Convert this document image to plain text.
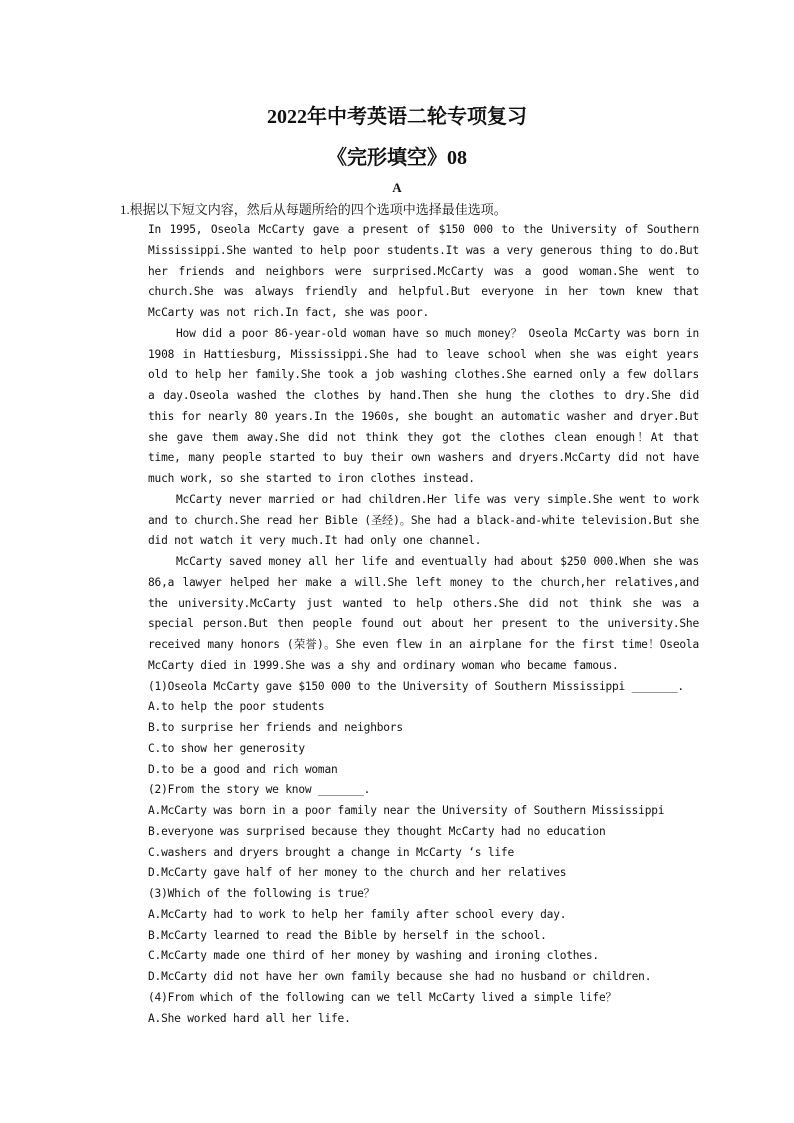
2022年中考英语二轮专项复习
《完形填空》08
A
1.根据以下短文内容，然后从每题所给的四个选项中选择最佳选项。

In 1995, Oseola McCarty gave a present of $150 000 to the University of Southern Mississippi.She wanted to help poor students.It was a very generous thing to do.But her friends and neighbors were surprised.McCarty was a good woman.She went to church.She was always friendly and helpful.But everyone in her town knew that McCarty was not rich.In fact, she was poor.

How did a poor 86-year-old woman have so much money？ Oseola McCarty was born in 1908 in Hattiesburg, Mississippi.She had to leave school when she was eight years old to help her family.She took a job washing clothes.She earned only a few dollars a day.Oseola washed the clothes by hand.Then she hung the clothes to dry.She did this for nearly 80 years.In the 1960s, she bought an automatic washer and dryer.But she gave them away.She did not think they got the clothes clean enough！At that time, many people started to buy their own washers and dryers.McCarty did not have much work, so she started to iron clothes instead.

McCarty never married or had children.Her life was very simple.She went to work and to church.She read her Bible (圣经)。She had a black-and-white television.But she did not watch it very much.It had only one channel.

McCarty saved money all her life and eventually had about $250 000.When she was 86,a lawyer helped her make a will.She left money to the church,her relatives,and the university.McCarty just wanted to help others.She did not think she was a special person.But then people found out about her present to the university.She received many honors (荣誉)。She even flew in an airplane for the first time！Oseola McCarty died in 1999.She was a shy and ordinary woman who became famous.

(1)Oseola McCarty gave $150 000 to the University of Southern Mississippi _______.

A.to help the poor students

B.to surprise her friends and neighbors

C.to show her generosity

D.to be a good and rich woman

(2)From the story we know _______.

A.McCarty was born in a poor family near the University of Southern Mississippi

B.everyone was surprised because they thought McCarty had no education

C.washers and dryers brought a change in McCarty ‘s life

D.McCarty gave half of her money to the church and her relatives

(3)Which of the following is true？

A.McCarty had to work to help her family after school every day.

B.McCarty learned to read the Bible by herself in the school.

C.McCarty made one third of her money by washing and ironing clothes.

D.McCarty did not have her own family because she had no husband or children.

(4)From which of the following can we tell McCarty lived a simple life？

A.She worked hard all her life.
